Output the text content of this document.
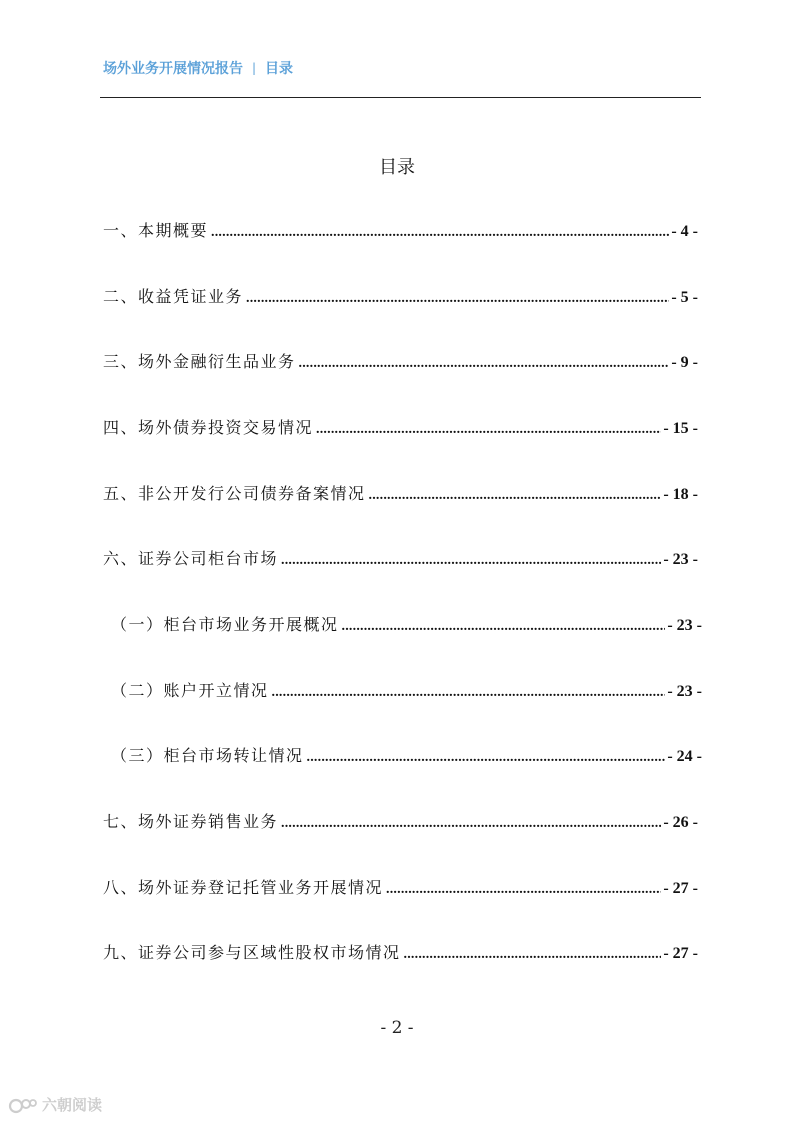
场外业务开展情况报告 | 目录
目录
一、本期概要 .....	- 4 -
二、收益凭证业务 .....	- 5 -
三、场外金融衍生品业务 .....	- 9 -
四、场外债券投资交易情况 .....	- 15 -
五、非公开发行公司债券备案情况 .....	- 18 -
六、证券公司柜台市场 .....	- 23 -
（一）柜台市场业务开展概况 .....	- 23 -
（二）账户开立情况 .....	- 23 -
（三）柜台市场转让情况 .....	- 24 -
七、场外证券销售业务 .....	- 26 -
八、场外证券登记托管业务开展情况 .....	- 27 -
九、证券公司参与区域性股权市场情况 .....	- 27 -
- 2 -
六朝阅读
